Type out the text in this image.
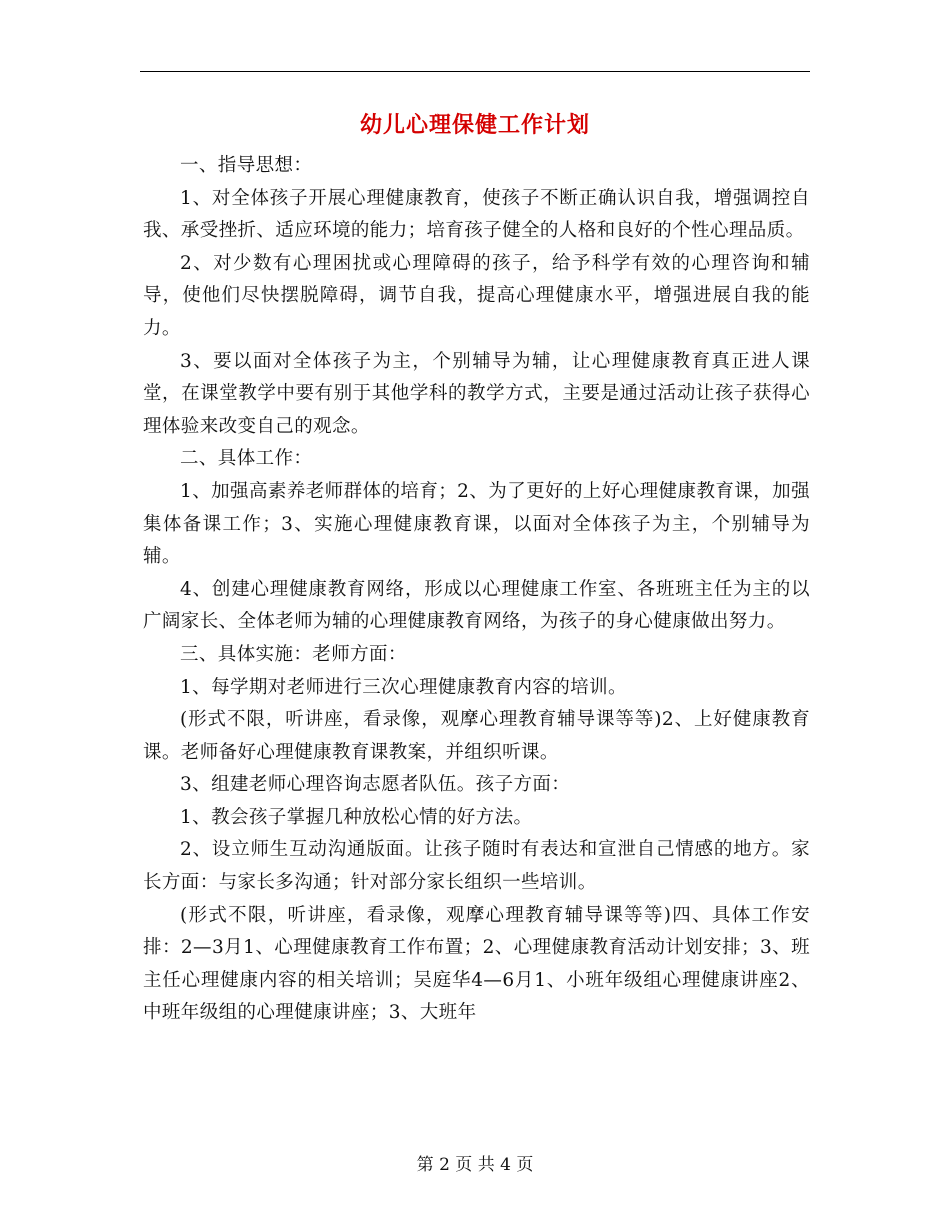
幼儿心理保健工作计划

一、指导思想：

1、对全体孩子开展心理健康教育，使孩子不断正确认识自我，增强调控自我、承受挫折、适应环境的能力；培育孩子健全的人格和良好的个性心理品质。

2、对少数有心理困扰或心理障碍的孩子，给予科学有效的心理咨询和辅导，使他们尽快摆脱障碍，调节自我，提高心理健康水平，增强进展自我的能力。

3、要以面对全体孩子为主，个别辅导为辅，让心理健康教育真正进人课堂，在课堂教学中要有别于其他学科的教学方式，主要是通过活动让孩子获得心理体验来改变自己的观念。

二、具体工作：

1、加强高素养老师群体的培育；2、为了更好的上好心理健康教育课，加强集体备课工作；3、实施心理健康教育课，以面对全体孩子为主，个别辅导为辅。

4、创建心理健康教育网络，形成以心理健康工作室、各班班主任为主的以广阔家长、全体老师为辅的心理健康教育网络，为孩子的身心健康做出努力。

三、具体实施：老师方面：

1、每学期对老师进行三次心理健康教育内容的培训。

(形式不限，听讲座，看录像，观摩心理教育辅导课等等)2、上好健康教育课。老师备好心理健康教育课教案，并组织听课。

3、组建老师心理咨询志愿者队伍。孩子方面：

1、教会孩子掌握几种放松心情的好方法。

2、设立师生互动沟通版面。让孩子随时有表达和宣泄自己情感的地方。家长方面：与家长多沟通；针对部分家长组织一些培训。

(形式不限，听讲座，看录像，观摩心理教育辅导课等等)四、具体工作安排：2—3月1、心理健康教育工作布置；2、心理健康教育活动计划安排；3、班主任心理健康内容的相关培训；吴庭华4—6月1、小班年级组心理健康讲座2、中班年级组的心理健康讲座；3、大班年

第 2 页 共 4 页
